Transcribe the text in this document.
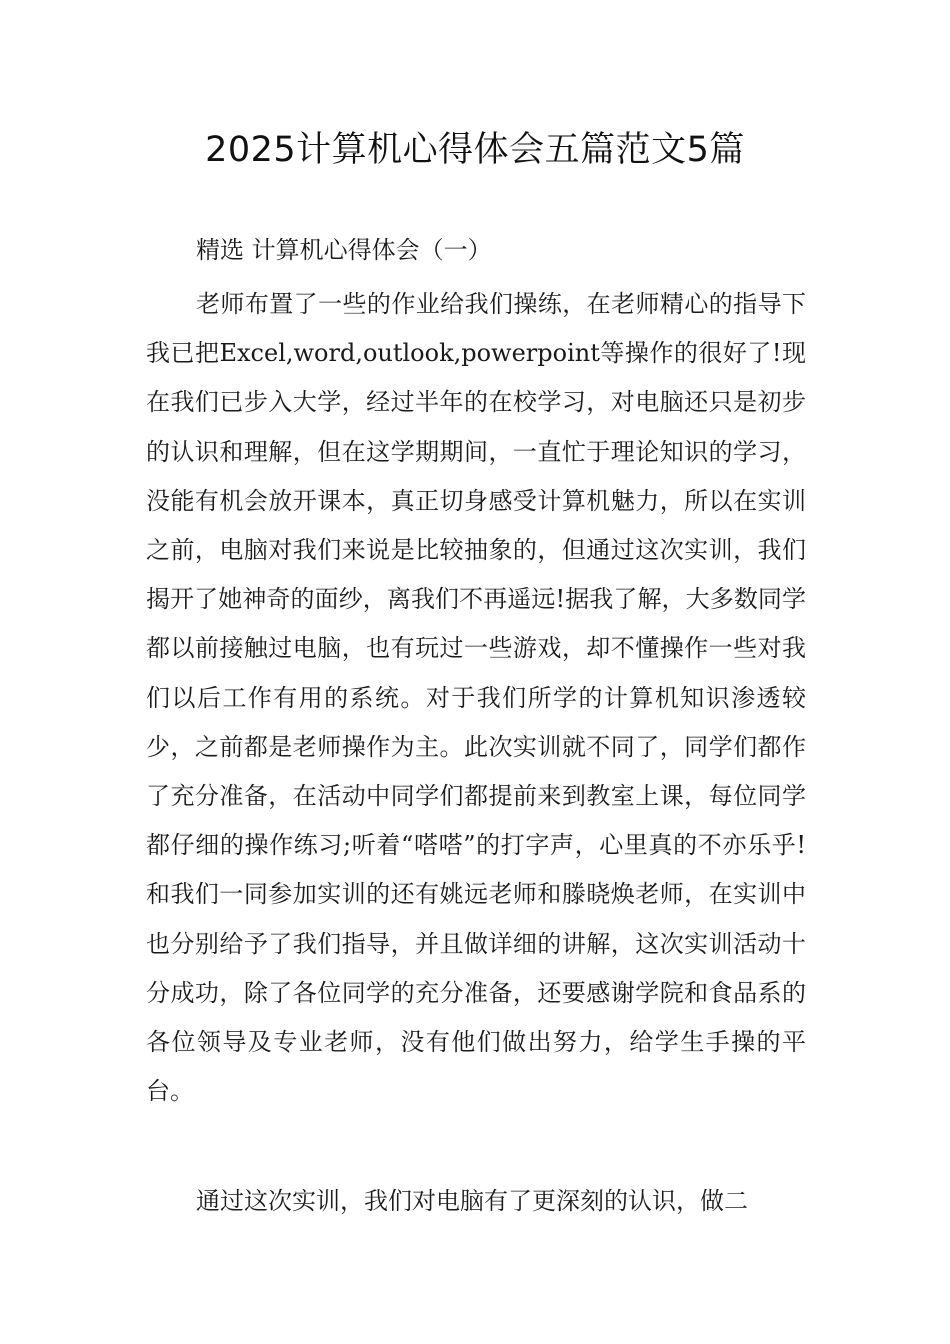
2025计算机心得体会五篇范文5篇
精选 计算机心得体会（一）

老师布置了一些的作业给我们操练，在老师精心的指导下我已把Excel,word,outlook,powerpoint等操作的很好了!现在我们已步入大学，经过半年的在校学习，对电脑还只是初步的认识和理解，但在这学期期间，一直忙于理论知识的学习，没能有机会放开课本，真正切身感受计算机魅力，所以在实训之前，电脑对我们来说是比较抽象的，但通过这次实训，我们揭开了她神奇的面纱，离我们不再遥远!据我了解，大多数同学都以前接触过电脑，也有玩过一些游戏，却不懂操作一些对我们以后工作有用的系统。对于我们所学的计算机知识渗透较少，之前都是老师操作为主。此次实训就不同了，同学们都作了充分准备，在活动中同学们都提前来到教室上课，每位同学都仔细的操作练习;听着“嗒嗒”的打字声，心里真的不亦乐乎!和我们一同参加实训的还有姚远老师和滕晓焕老师，在实训中也分别给予了我们指导，并且做详细的讲解，这次实训活动十分成功，除了各位同学的充分准备，还要感谢学院和食品系的各位领导及专业老师，没有他们做出努力，给学生手操的平台。

通过这次实训，我们对电脑有了更深刻的认识，做二
